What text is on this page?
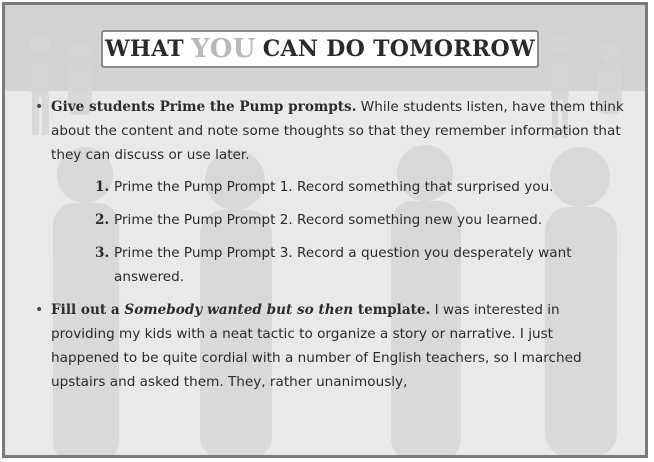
WHAT YOU CAN DO TOMORROW
• Give students Prime the Pump prompts. While students listen, have them think about the content and note some thoughts so that they remember information that they can discuss or use later.
1. Prime the Pump Prompt 1. Record something that surprised you.
2. Prime the Pump Prompt 2. Record something new you learned.
3. Prime the Pump Prompt 3. Record a question you desperately want answered.
• Fill out a Somebody wanted but so then template. I was interested in providing my kids with a neat tactic to organize a story or narrative. I just happened to be quite cordial with a number of English teachers, so I marched upstairs and asked them. They, rather unanimously,
